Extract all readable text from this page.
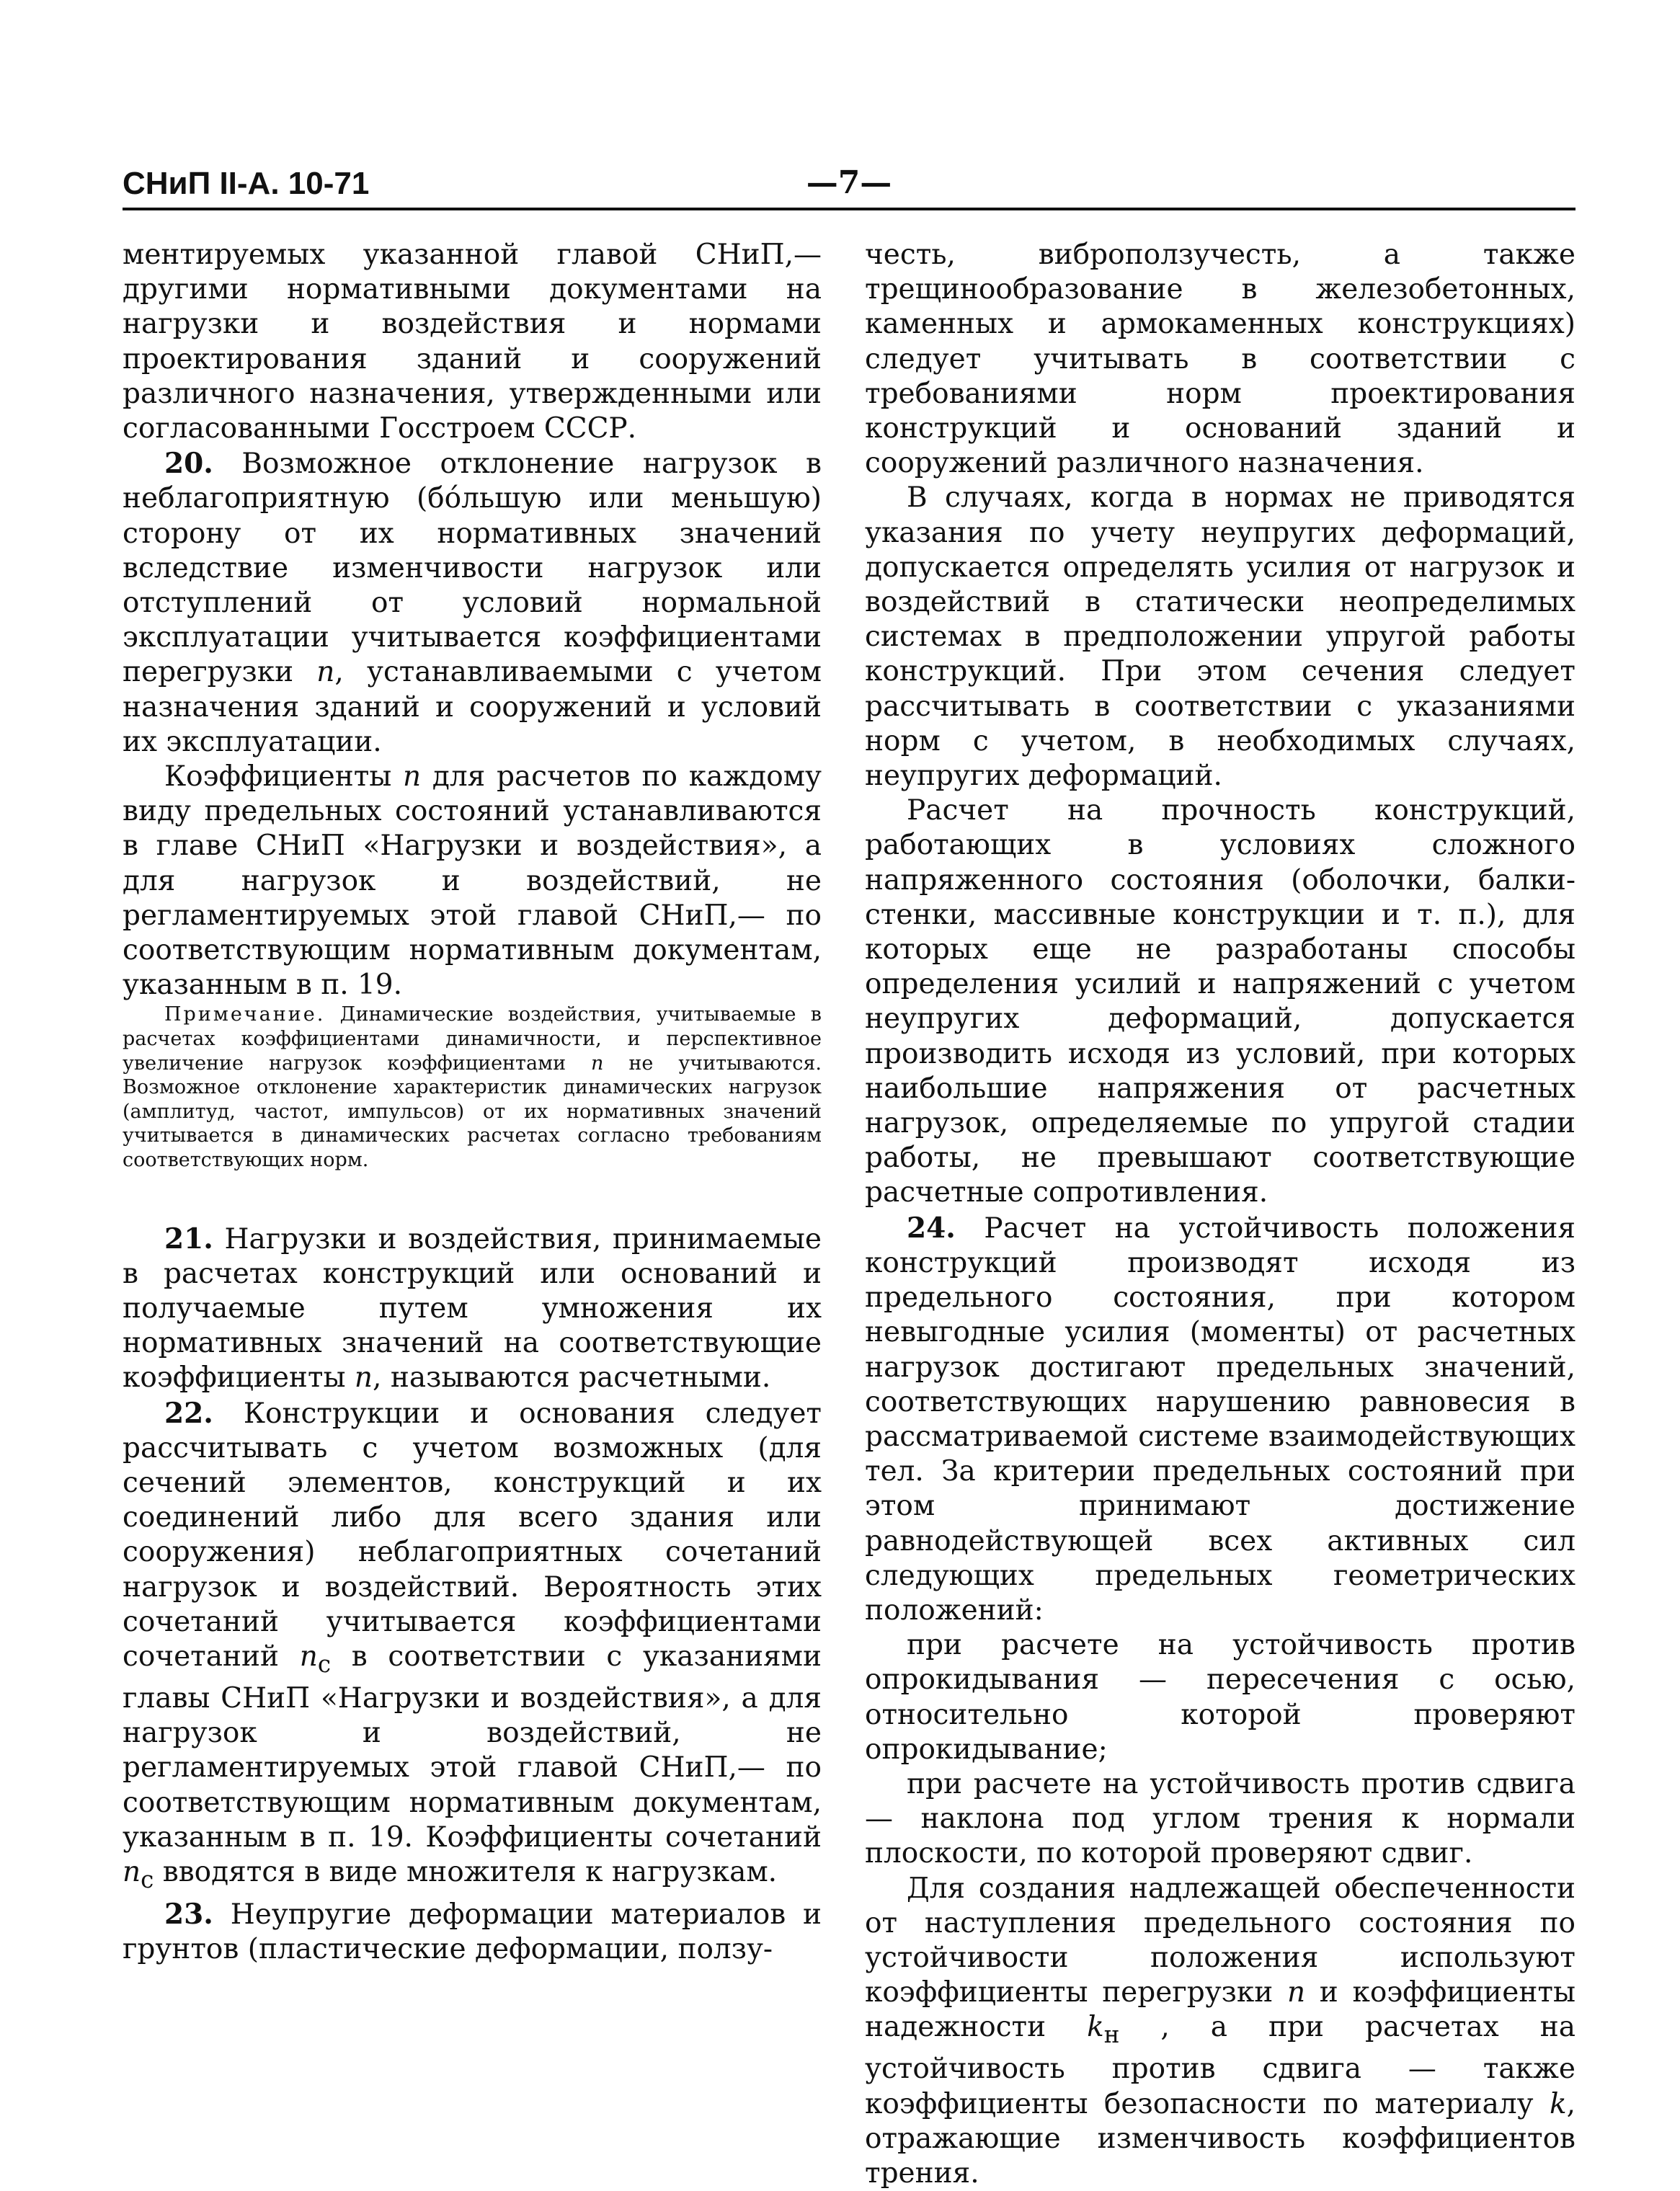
СНиП II-А. 10-71	—7—

ментируемых указанной главой СНиП,— другими нормативными документами на нагрузки и воздействия и нормами проектирования зданий и сооружений различного назначения, утвержденными или согласованными Госстроем СССР.

20. Возможное отклонение нагрузок в неблагоприятную (бóльшую или меньшую) сторону от их нормативных значений вследствие изменчивости нагрузок или отступлений от условий нормальной эксплуатации учитывается коэффициентами перегрузки n, устанавливаемыми с учетом назначения зданий и сооружений и условий их эксплуатации.

Коэффициенты n для расчетов по каждому виду предельных состояний устанавливаются в главе СНиП «Нагрузки и воздействия», а для нагрузок и воздействий, не регламентируемых этой главой СНиП,— по соответствующим нормативным документам, указанным в п. 19.

Примечание. Динамические воздействия, учитываемые в расчетах коэффициентами динамичности, и перспективное увеличение нагрузок коэффициентами n не учитываются. Возможное отклонение характеристик динамических нагрузок (амплитуд, частот, импульсов) от их нормативных значений учитывается в динамических расчетах согласно требованиям соответствующих норм.

21. Нагрузки и воздействия, принимаемые в расчетах конструкций или оснований и получаемые путем умножения их нормативных значений на соответствующие коэффициенты n, называются расчетными.

22. Конструкции и основания следует рассчитывать с учетом возможных (для сечений элементов, конструкций и их соединений либо для всего здания или сооружения) неблагоприятных сочетаний нагрузок и воздействий. Вероятность этих сочетаний учитывается коэффициентами сочетаний $n_c$ в соответствии с указаниями главы СНиП «Нагрузки и воздействия», а для нагрузок и воздействий, не регламентируемых этой главой СНиП,— по соответствующим нормативным документам, указанным в п. 19. Коэффициенты сочетаний $n_c$ вводятся в виде множителя к нагрузкам.

23. Неупругие деформации материалов и грунтов (пластические деформации, ползу-

честь, виброползучесть, а также трещинообразование в железобетонных, каменных и армокаменных конструкциях) следует учитывать в соответствии с требованиями норм проектирования конструкций и оснований зданий и сооружений различного назначения.

В случаях, когда в нормах не приводятся указания по учету неупругих деформаций, допускается определять усилия от нагрузок и воздействий в статически неопределимых системах в предположении упругой работы конструкций. При этом сечения следует рассчитывать в соответствии с указаниями норм с учетом, в необходимых случаях, неупругих деформаций.

Расчет на прочность конструкций, работающих в условиях сложного напряженного состояния (оболочки, балки-стенки, массивные конструкции и т. п.), для которых еще не разработаны способы определения усилий и напряжений с учетом неупругих деформаций, допускается производить исходя из условий, при которых наибольшие напряжения от расчетных нагрузок, определяемые по упругой стадии работы, не превышают соответствующие расчетные сопротивления.

24. Расчет на устойчивость положения конструкций производят исходя из предельного состояния, при котором невыгодные усилия (моменты) от расчетных нагрузок достигают предельных значений, соответствующих нарушению равновесия в рассматриваемой системе взаимодействующих тел. За критерии предельных состояний при этом принимают достижение равнодействующей всех активных сил следующих предельных геометрических положений:

при расчете на устойчивость против опрокидывания — пересечения с осью, относительно которой проверяют опрокидывание;

при расчете на устойчивость против сдвига — наклона под углом трения к нормали плоскости, по которой проверяют сдвиг.

Для создания надлежащей обеспеченности от наступления предельного состояния по устойчивости положения используют коэффициенты перегрузки n и коэффициенты надежности $k_н$ , а при расчетах на устойчивость против сдвига — также коэффициенты безопасности по материалу k, отражающие изменчивость коэффициентов трения.
